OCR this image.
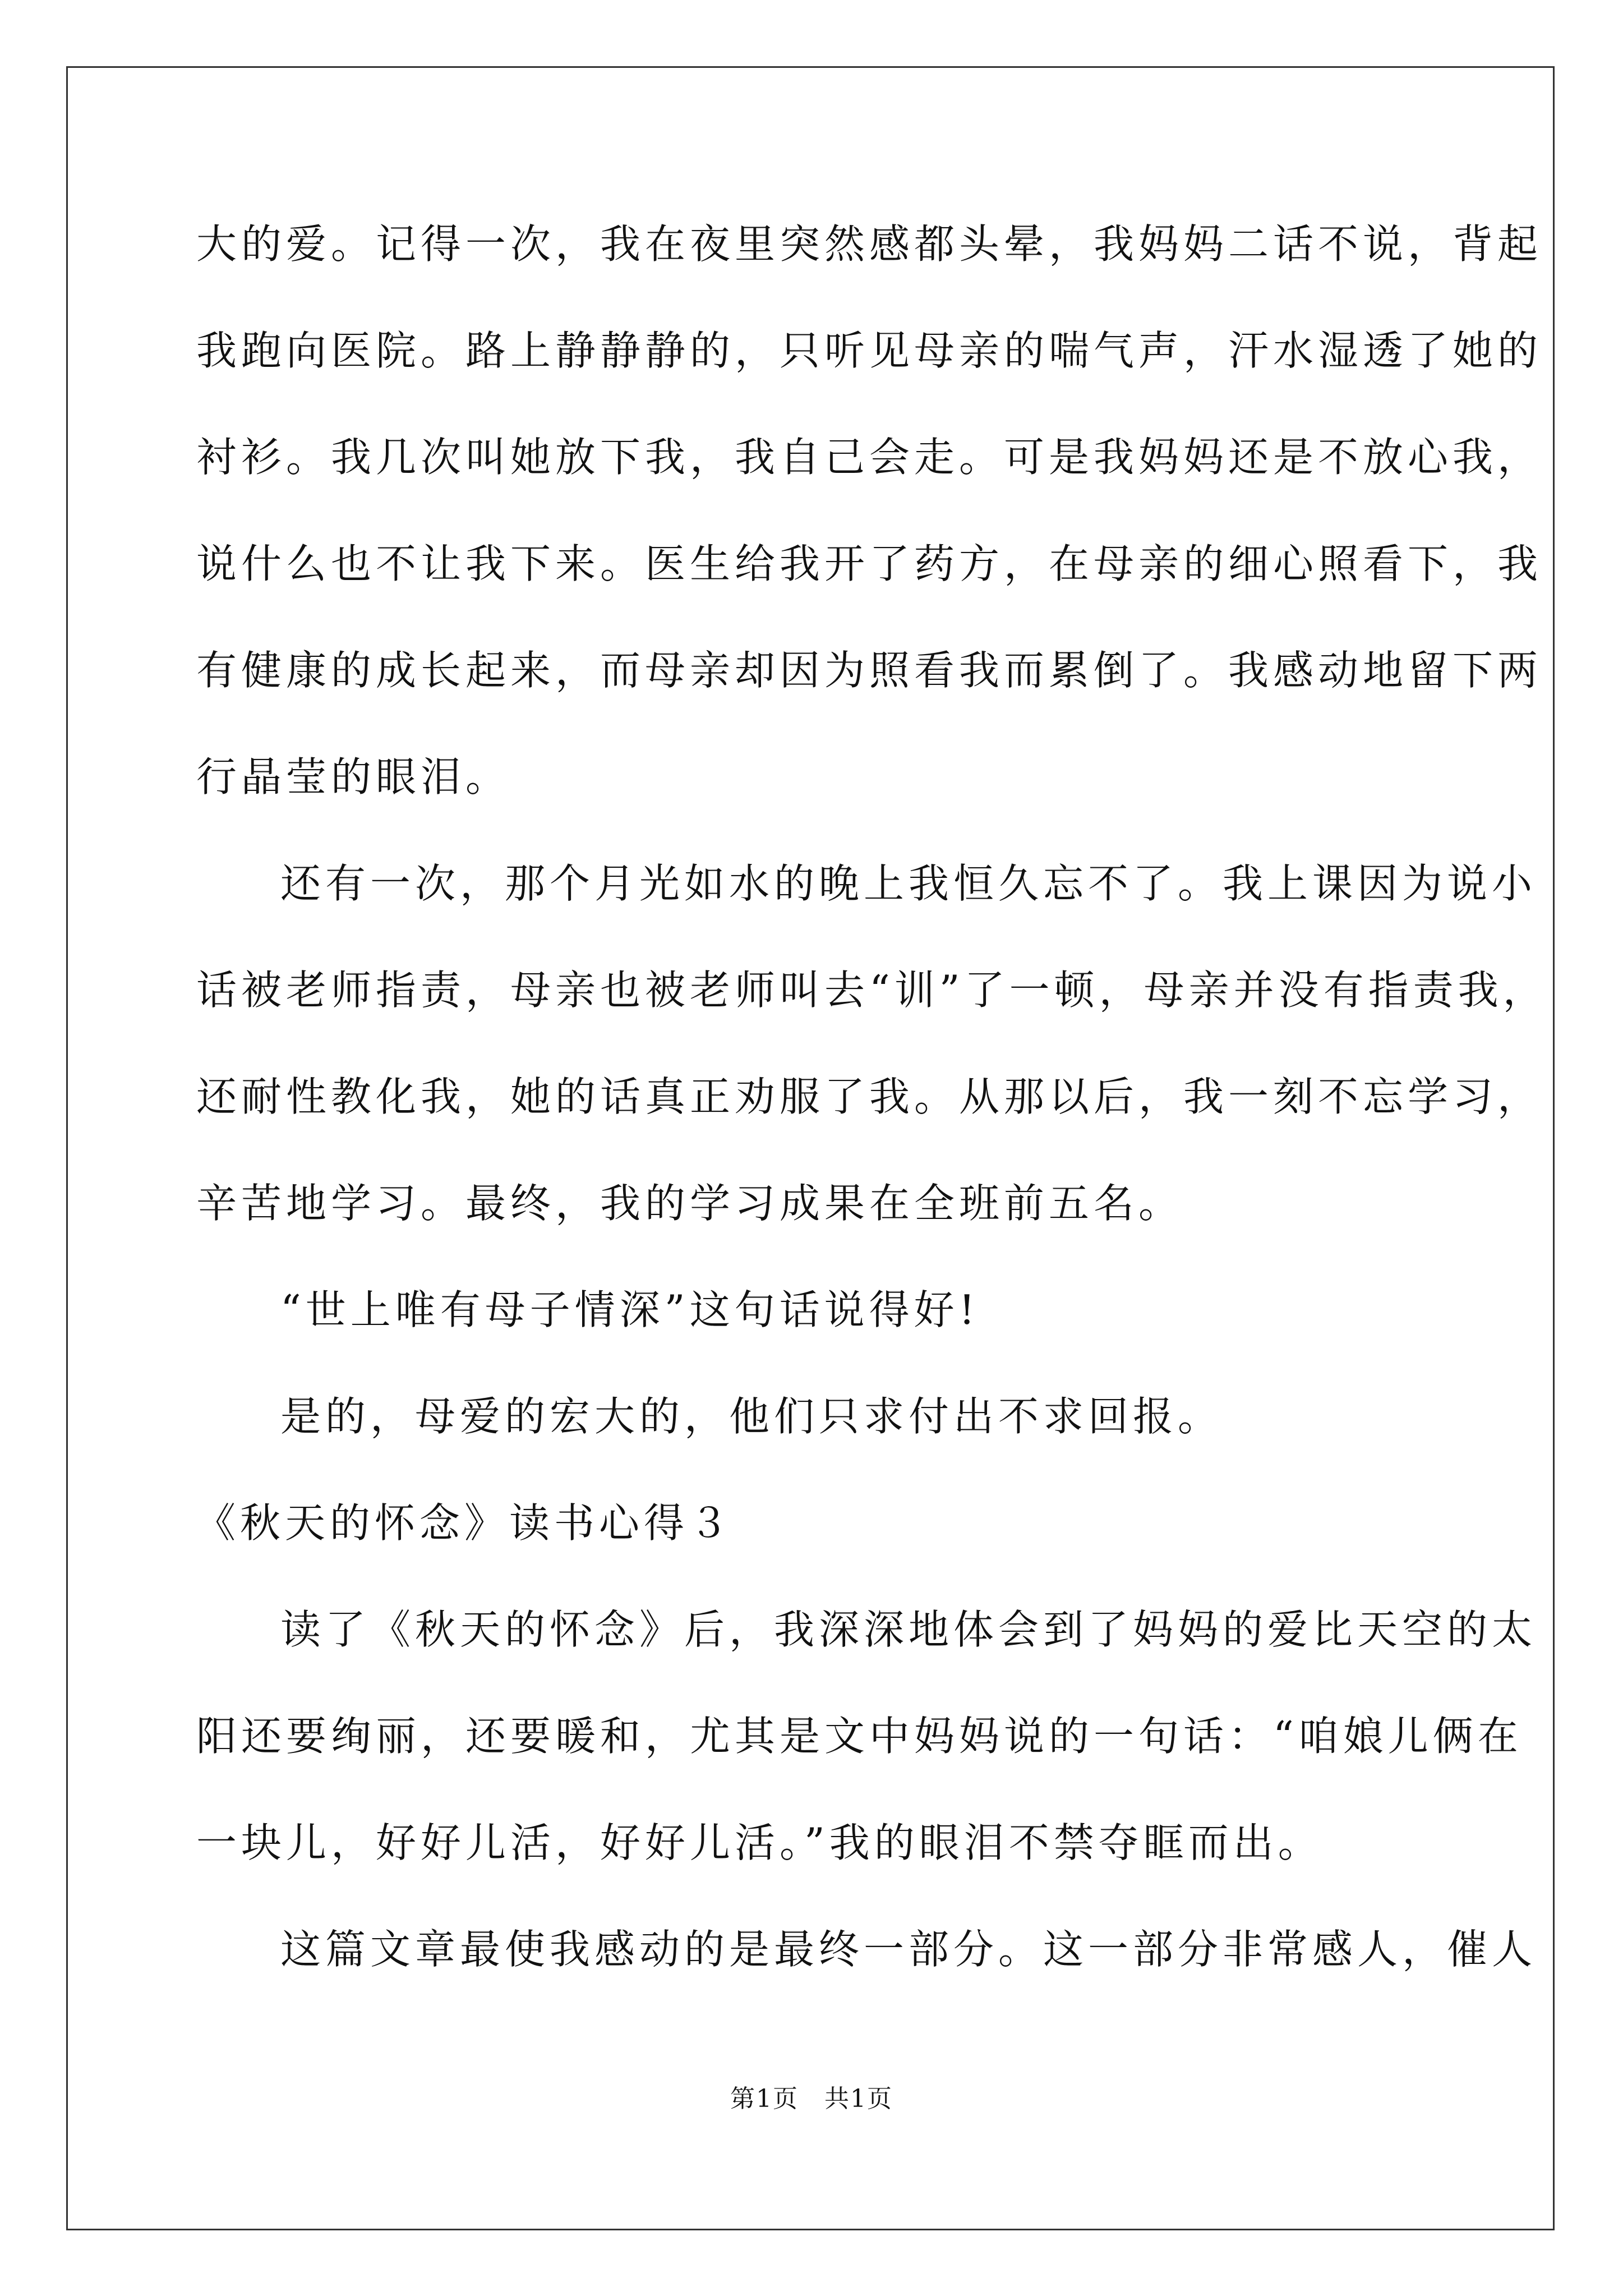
大的爱。记得一次，我在夜里突然感都头晕，我妈妈二话不说，背起
我跑向医院。路上静静静的，只听见母亲的喘气声，汗水湿透了她的
衬衫。我几次叫她放下我，我自己会走。可是我妈妈还是不放心我，
说什么也不让我下来。医生给我开了药方，在母亲的细心照看下，我
有健康的成长起来，而母亲却因为照看我而累倒了。我感动地留下两
行晶莹的眼泪。
还有一次，那个月光如水的晚上我恒久忘不了。我上课因为说小
话被老师指责，母亲也被老师叫去“训”了一顿，母亲并没有指责我，
还耐性教化我，她的话真正劝服了我。从那以后，我一刻不忘学习，
辛苦地学习。最终，我的学习成果在全班前五名。
“世上唯有母子情深”这句话说得好!
是的，母爱的宏大的，他们只求付出不求回报。
《秋天的怀念》读书心得３
读了《秋天的怀念》后，我深深地体会到了妈妈的爱比天空的太
阳还要绚丽，还要暖和，尤其是文中妈妈说的一句话：“咱娘儿俩在
一块儿，好好儿活，好好儿活。”我的眼泪不禁夺眶而出。
这篇文章最使我感动的是最终一部分。这一部分非常感人，催人
第1页　共1页
